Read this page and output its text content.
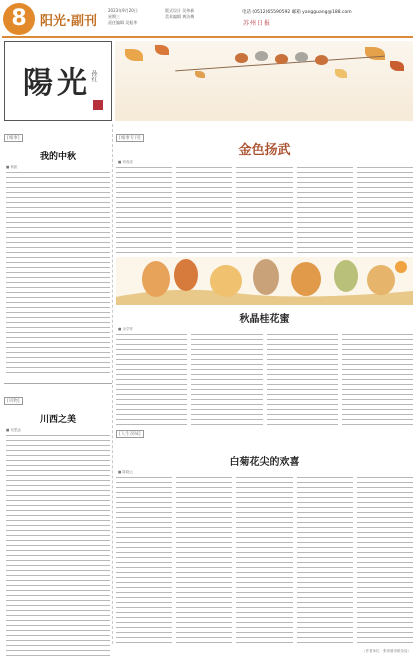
8	阳光·副刊
2023年9月20日
星期三
责任编辑 吴振华
版式设计 吴伟新
美术编辑 黄洁梅
电话 (0512)65590592 邮箱 yangguang@188.com
苏州日报
陽光 孙红
[城事]
我的中秋
■ 杨凯
[风物]
川西之美
■ 吴思远
[城事专刊]
金色扬武
■ 刘成成
秋晶桂花蜜
■ 余学梓
[人生况味]
白菊花尖的欢喜
■ 陈晓云
（作者单位：张家港市税务局）
